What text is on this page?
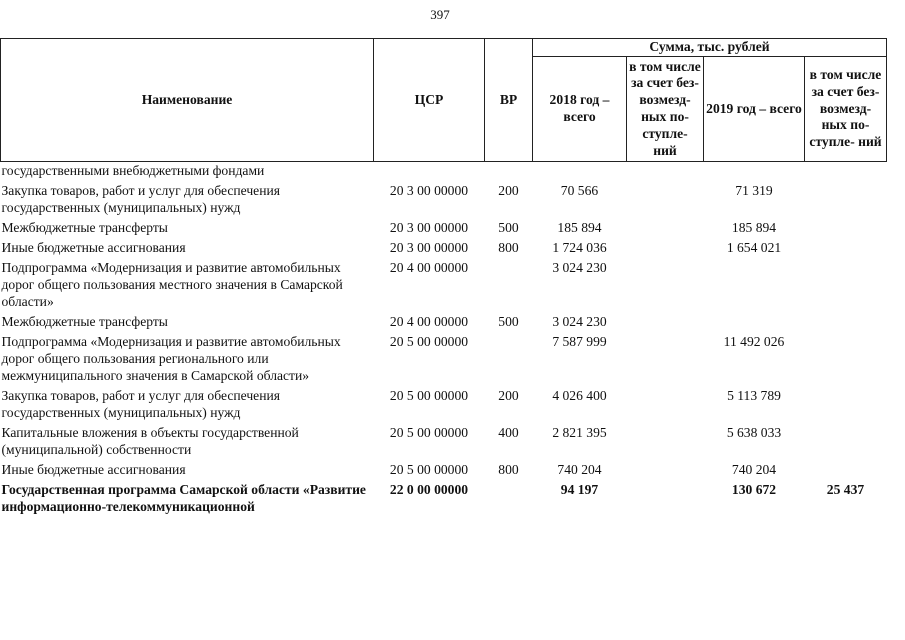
397
Наименование	ЦСР	ВР	Сумма, тыс. рублей			
			2018 год – всего	в том числе за счет без- возмезд- ных по- ступле- ний	2019 год – всего	в том числе за счет без- возмезд- ных по- ступле- ний
государственными внебюджетными фондами						
Закупка товаров, работ и услуг для обеспечения государственных (муниципальных) нужд	20 3 00 00000	200	70 566		71 319	
Межбюджетные трансферты	20 3 00 00000	500	185 894		185 894	
Иные бюджетные ассигнования	20 3 00 00000	800	1 724 036		1 654 021	
Подпрограмма «Модернизация и развитие автомобильных дорог общего пользования местного значения в Самарской области»	20 4 00 00000		3 024 230			
Межбюджетные трансферты	20 4 00 00000	500	3 024 230			
Подпрограмма «Модернизация и развитие автомобильных дорог общего пользования регионального или межмуниципального значения в Самарской области»	20 5 00 00000		7 587 999		11 492 026	
Закупка товаров, работ и услуг для обеспечения государственных (муниципальных) нужд	20 5 00 00000	200	4 026 400		5 113 789	
Капитальные вложения в объекты государственной (муниципальной) собственности	20 5 00 00000	400	2 821 395		5 638 033	
Иные бюджетные ассигнования	20 5 00 00000	800	740 204		740 204	
Государственная программа Самарской области «Развитие информационно-телекоммуникационной	22 0 00 00000		94 197		130 672	25 437
